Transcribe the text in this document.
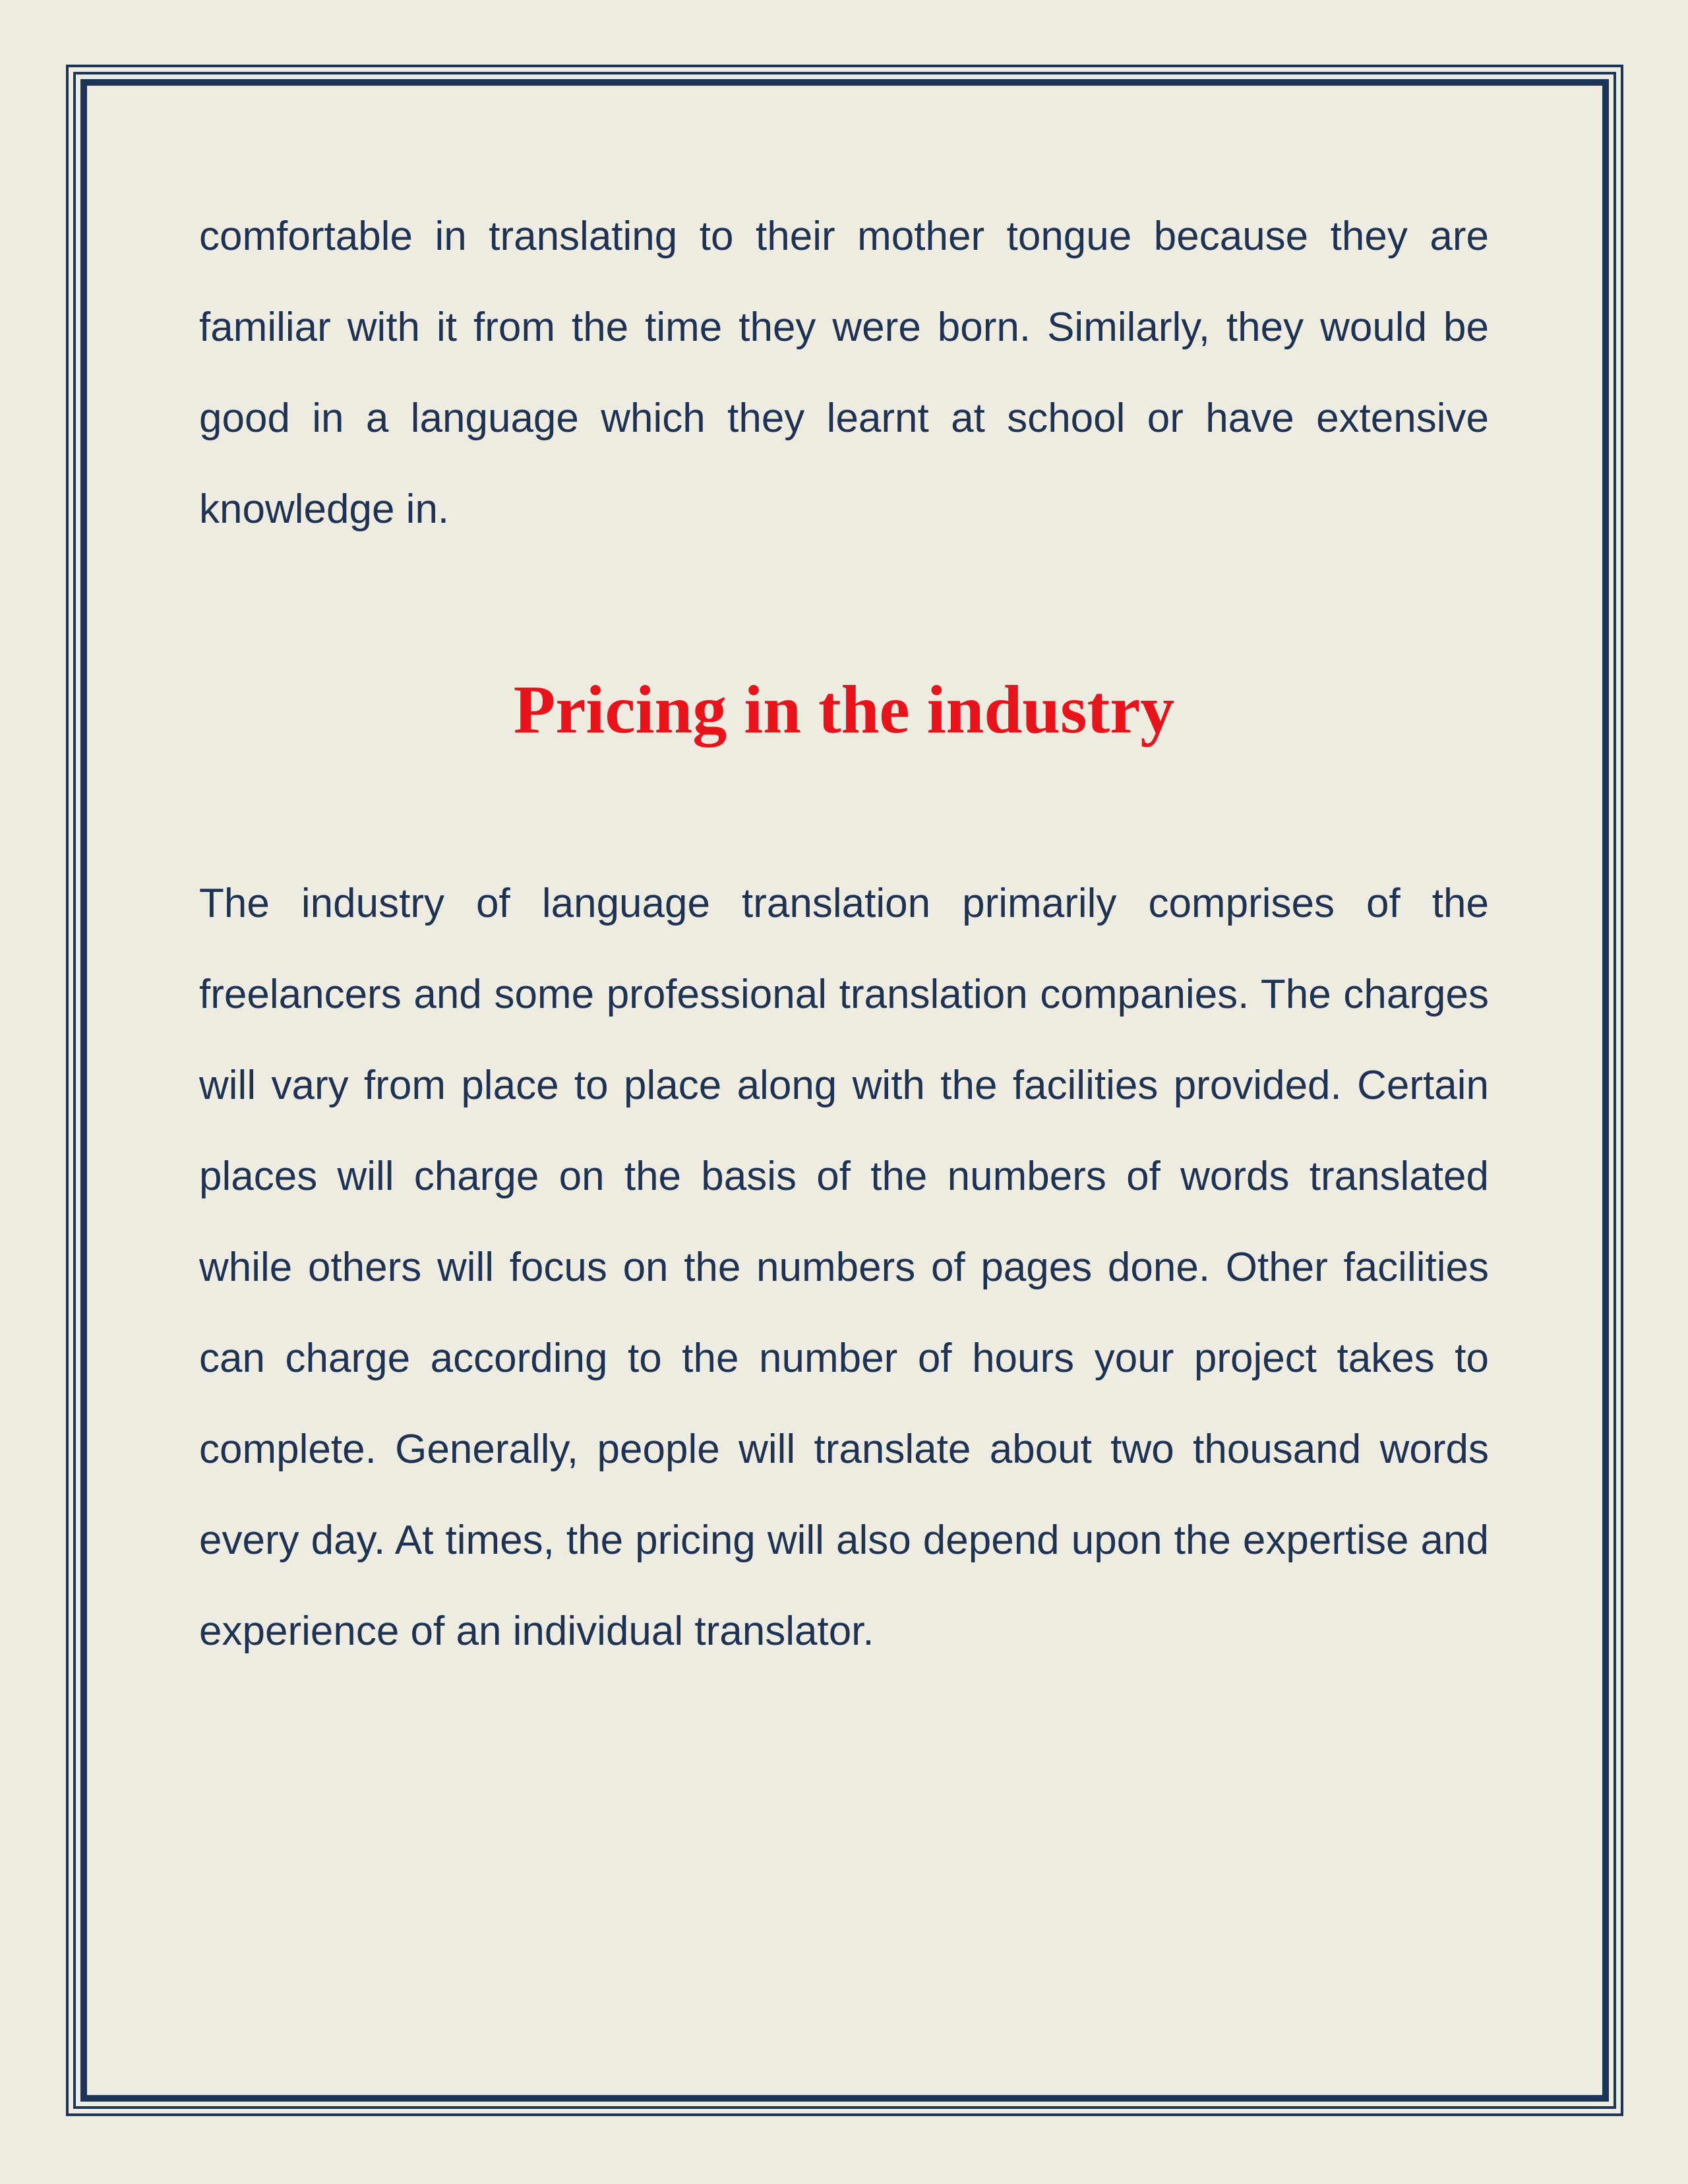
comfortable in translating to their mother tongue because they are familiar with it from the time they were born. Similarly, they would be good in a language which they learnt at school or have extensive knowledge in.

Pricing in the industry

The industry of language translation primarily comprises of the freelancers and some professional translation companies. The charges will vary from place to place along with the facilities provided. Certain places will charge on the basis of the numbers of words translated while others will focus on the numbers of pages done. Other facilities can charge according to the number of hours your project takes to complete. Generally, people will translate about two thousand words every day. At times, the pricing will also depend upon the expertise and experience of an individual translator.
